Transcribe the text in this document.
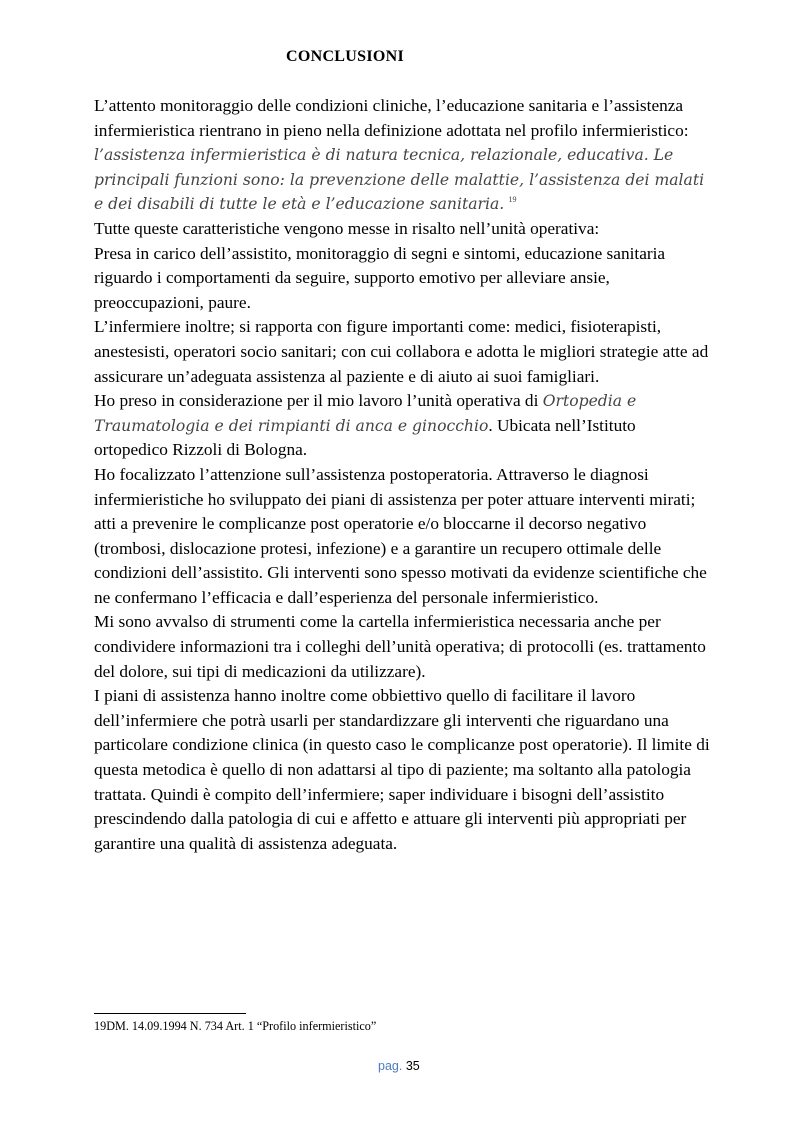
CONCLUSIONI

L’attento monitoraggio delle condizioni cliniche, l’educazione sanitaria e l’assistenza infermieristica rientrano in pieno nella definizione adottata nel profilo infermieristico: l’assistenza infermieristica è di natura tecnica, relazionale, educativa. Le principali funzioni sono: la prevenzione delle malattie, l’assistenza dei malati e dei disabili di tutte le età e l’educazione sanitaria. $^{19}$

Tutte queste caratteristiche vengono messe in risalto nell’unità operativa:

Presa in carico dell’assistito, monitoraggio di segni e sintomi, educazione sanitaria riguardo i comportamenti da seguire, supporto emotivo per alleviare ansie, preoccupazioni, paure.

L’infermiere inoltre; si rapporta con figure importanti come: medici, fisioterapisti, anestesisti, operatori socio sanitari; con cui collabora e adotta le migliori strategie atte ad assicurare un’adeguata assistenza al paziente e di aiuto ai suoi famigliari.

Ho preso in considerazione per il mio lavoro l’unità operativa di Ortopedia e Traumatologia e dei rimpianti di anca e ginocchio. Ubicata nell’Istituto ortopedico Rizzoli di Bologna.

Ho focalizzato l’attenzione sull’assistenza postoperatoria. Attraverso le diagnosi infermieristiche ho sviluppato dei piani di assistenza per poter attuare interventi mirati; atti a prevenire le complicanze post operatorie e/o bloccarne il decorso negativo (trombosi, dislocazione protesi, infezione) e a garantire un recupero ottimale delle condizioni dell’assistito. Gli interventi sono spesso motivati da evidenze scientifiche che ne confermano l’efficacia e dall’esperienza del personale infermieristico.

Mi sono avvalso di strumenti come la cartella infermieristica necessaria anche per condividere informazioni tra i colleghi dell’unità operativa; di protocolli (es. trattamento del dolore, sui tipi di medicazioni da utilizzare).

I piani di assistenza hanno inoltre come obbiettivo quello di facilitare il lavoro dell’infermiere che potrà usarli per standardizzare gli interventi che riguardano una particolare condizione clinica (in questo caso le complicanze post operatorie). Il limite di questa metodica è quello di non adattarsi al tipo di paziente; ma soltanto alla patologia trattata. Quindi è compito dell’infermiere; saper individuare i bisogni dell’assistito prescindendo dalla patologia di cui e affetto e attuare gli interventi più appropriati per garantire una qualità di assistenza adeguata.

19DM. 14.09.1994 N. 734 Art. 1 “Profilo infermieristico”

pag. 35
